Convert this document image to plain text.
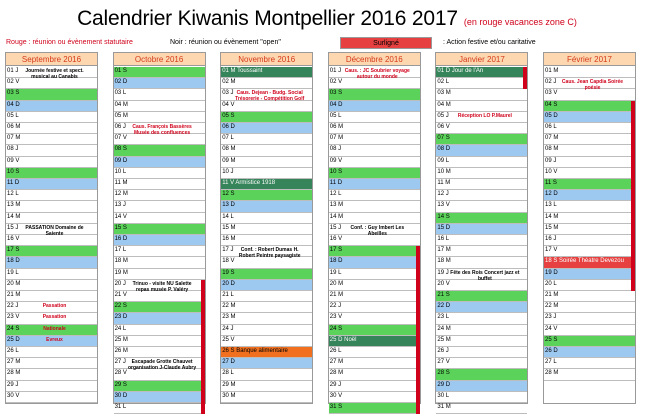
Calendrier Kiwanis Montpellier 2016 2017 (en rouge vacances zone C)
Rouge : réunion ou évènement statutaire	Noir : réunion ou évènement "open"	Surligné	: Action festive et/ou caritative
Septembre 2016
01 J	Journée festive et spect. musical au Canabis
02 V
03 S
04 D
05 L
06 M
07 M
08 J
09 V
10 S
11 D
12 L
13 M
14 M
15 J	PASSATION Domaine de Saiente
16 V
17 S
18 D
19 L
20 M
21 M
22 J	Passation
23 V	Passation
24 S	Nationale
25 D	Evreux
26 L
27 M
28 M
29 J
30 V
Octobre 2016
01 S
02 D
03 L
04 M
05 M
06 J	Caus. François Bassères Musée des confluences
07 V
08 S
09 D
10 L
11 M
12 M
13 J
14 V
15 S
16 D
17 L
18 M
19 M
20 J	Trinuo - visite NU Salette repas musée P. Valéry
21 V
22 S
23 D
24 L
25 M
26 M
27 J	Escapade Grotte Chauvet organisation J-Claude Aubry
28 V
29 S
30 D
31 L
Novembre 2016
01 M Toussaint
02 M
03 J Caus. Dejean - Budg. Social Trésorerie - Compétition Golf
04 V
05 S
06 D
07 L
08 M
09 M
10 J
11 V Armistice 1918
12 S
13 D
14 L
15 M
16 M
17 J	Conf. : Robert Dumas H. Robert Peintre paysagiste
18 V
19 S
20 D
21 L
22 M
23 M
24 J
25 V
26 S Banque alimentaire
27 D
28 L
29 M
30 M
Décembre 2016
01 J Caus. : JC Soubrier voyage autour du monde
02 V
03 S
04 D
05 L
06 M
07 M
08 J
09 V
10 S
11 D
12 L
13 M
14 M
15 J	Conf. : Guy Imbert Les Abeilles
16 V
17 S
18 D
19 L
20 M
21 M
22 J
23 V
24 S
25 D Noël
26 L
27 M
28 M
29 J
30 V
31 S
Janvier 2017
01 D Jour de l'An
02 L
03 M
04 M
05 J	Réception LO P.Maurel
06 V
07 S
08 D
09 L
10 M
11 M
12 J
13 V
14 S
15 D
16 L
17 M
18 M
19 J Fête des Rois Concert jazz et buffet
20 V
21 S
22 D
23 L
24 M
25 M
26 J
27 V
28 S
29 D
30 L
31 M
Février 2017
01 M
02 J	Caus. Jean Capdia Soirée poésie
03 V
04 S
05 D
06 L
07 M
08 M
09 J
10 V
11 S
12 D
13 L
14 M
15 M
16 J
17 V
18 S Soirée Théatre Devezou
19 D
20 L
21 M
22 M
23 J
24 V
25 S
26 D
27 L
28 M
